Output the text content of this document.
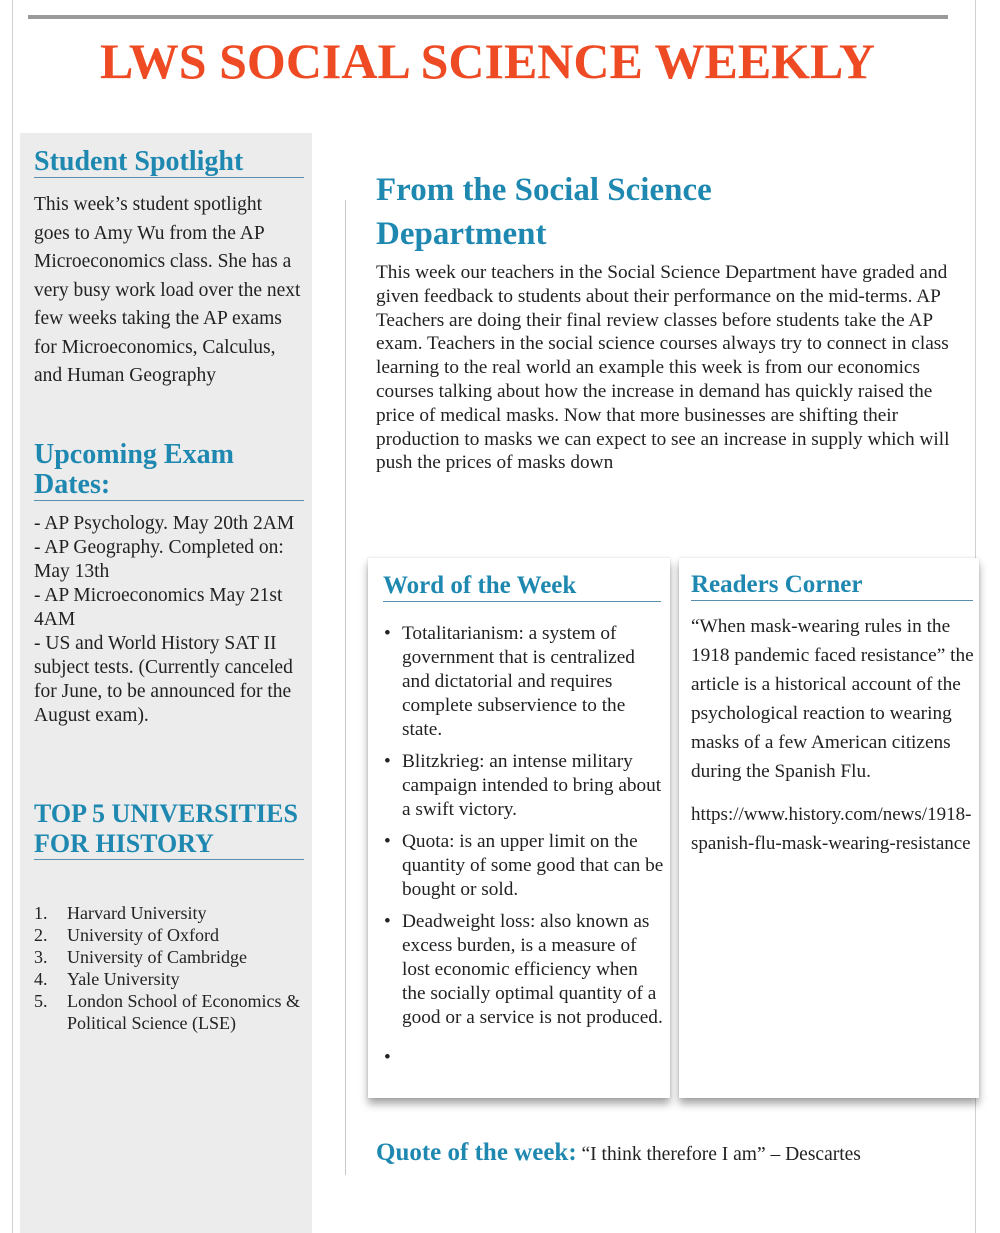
LWS SOCIAL SCIENCE WEEKLY
Student Spotlight
This week’s student spotlight goes to Amy Wu from the AP Microeconomics class. She has a very busy work load over the next few weeks taking the AP exams for Microeconomics, Calculus, and Human Geography
Upcoming Exam Dates:
- AP Psychology. May 20th 2AM
- AP Geography. Completed on: May 13th
- AP Microeconomics May 21st 4AM
- US and World History SAT II subject tests. (Currently canceled for June, to be announced for the August exam).
TOP 5 UNIVERSITIES FOR HISTORY
1.	Harvard University
2.	University of Oxford
3.	University of Cambridge
4.	Yale University
5.	London School of Economics & Political Science (LSE)
From the Social Science Department
This week our teachers in the Social Science Department have graded and given feedback to students about their performance on the mid-terms. AP Teachers are doing their final review classes before students take the AP exam. Teachers in the social science courses always try to connect in class learning to the real world an example this week is from our economics courses talking about how the increase in demand has quickly raised the price of medical masks. Now that more businesses are shifting their production to masks we can expect to see an increase in supply which will push the prices of masks down
Word of the Week
• Totalitarianism: a system of government that is centralized and dictatorial and requires complete subservience to the state.
• Blitzkrieg: an intense military campaign intended to bring about a swift victory.
• Quota: is an upper limit on the quantity of some good that can be bought or sold.
• Deadweight loss: also known as excess burden, is a measure of lost economic efficiency when the socially optimal quantity of a good or a service is not produced.
•
Readers Corner
“When mask-wearing rules in the 1918 pandemic faced resistance” the article is a historical account of the psychological reaction to wearing masks of a few American citizens during the Spanish Flu.
https://www.history.com/news/1918-spanish-flu-mask-wearing-resistance
Quote of the week: “I think therefore I am” – Descartes
